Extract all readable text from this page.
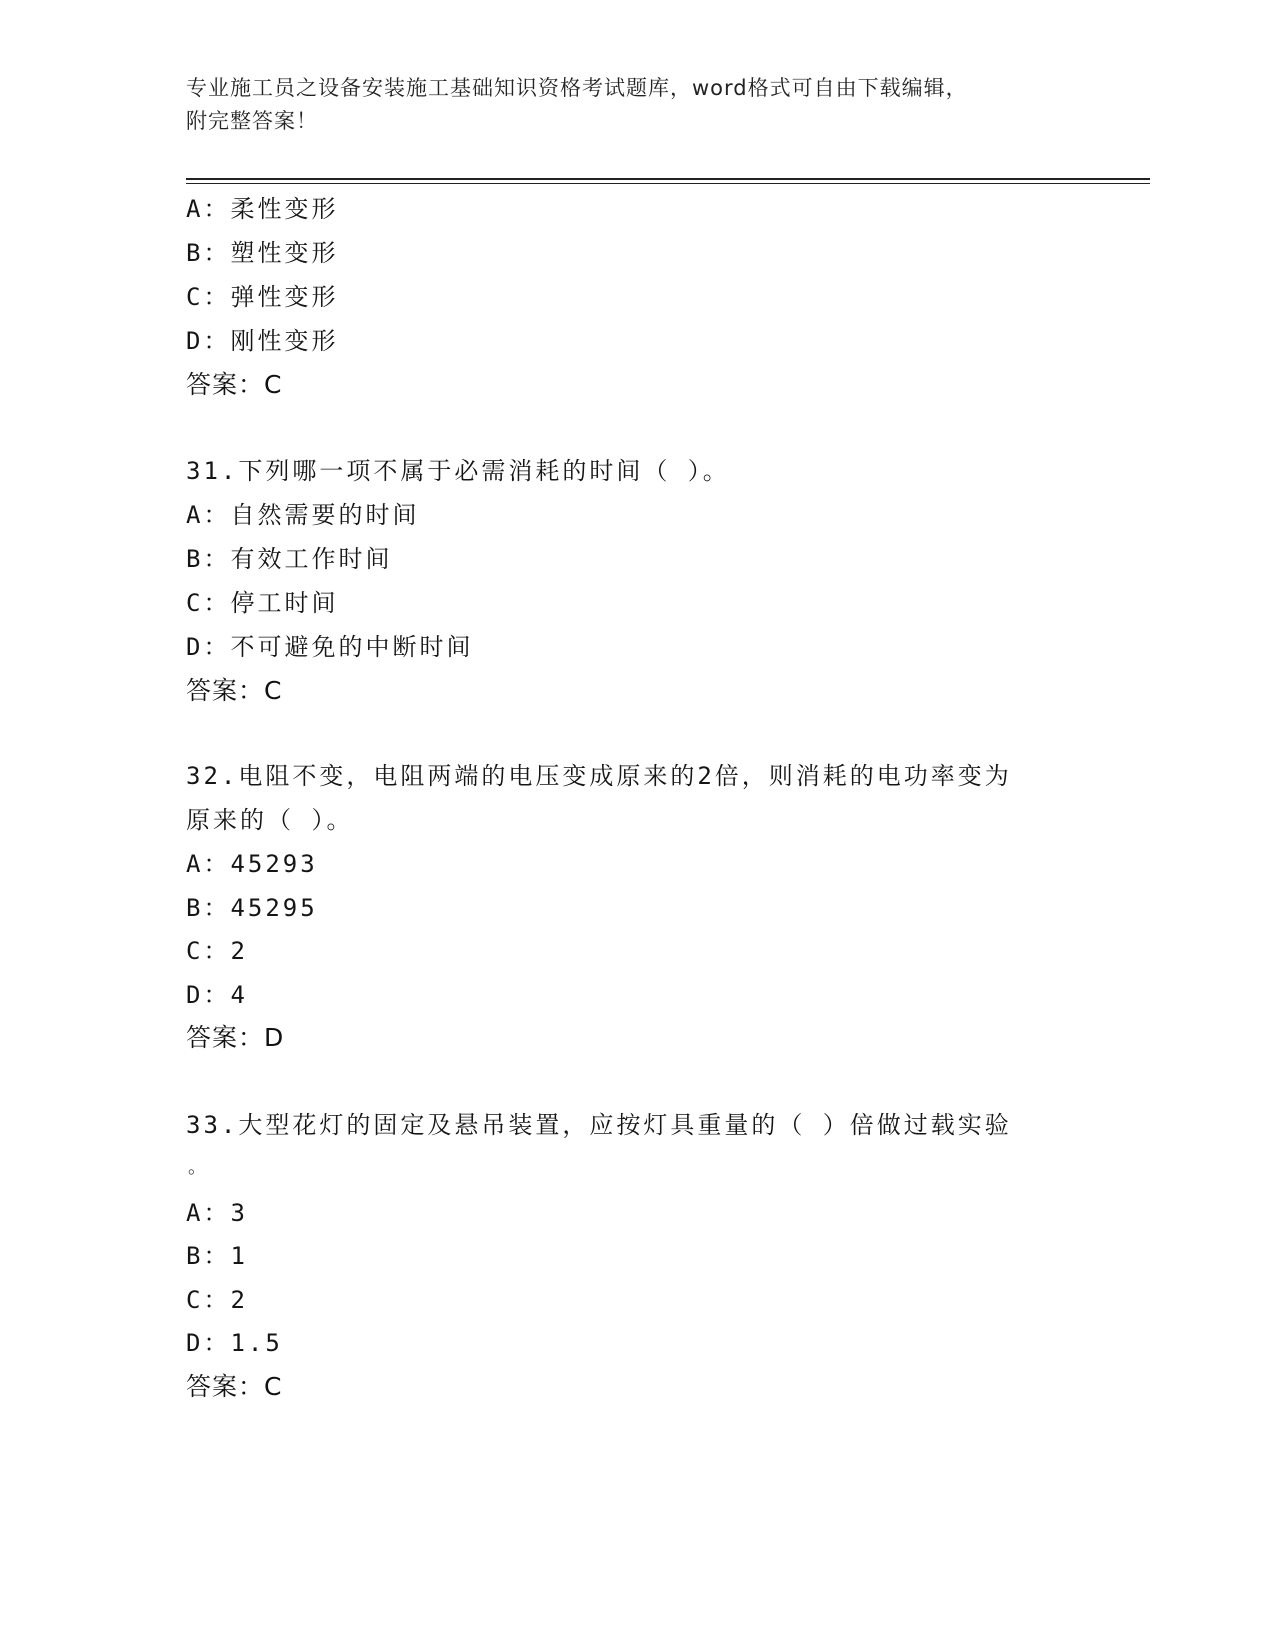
专业施工员之设备安装施工基础知识资格考试题库，word格式可自由下载编辑，
附完整答案！
A：柔性变形
B：塑性变形
C：弹性变形
D：刚性变形
答案：C
31.下列哪一项不属于必需消耗的时间（ ）。
A：自然需要的时间
B：有效工作时间
C：停工时间
D：不可避免的中断时间
答案：C
32.电阻不变，电阻两端的电压变成原来的2倍，则消耗的电功率变为
原来的（ ）。
A：45293
B：45295
C：2
D：4
答案：D
33.大型花灯的固定及悬吊装置，应按灯具重量的（ ）倍做过载实验
。
A：3
B：1
C：2
D：1.5
答案：C
